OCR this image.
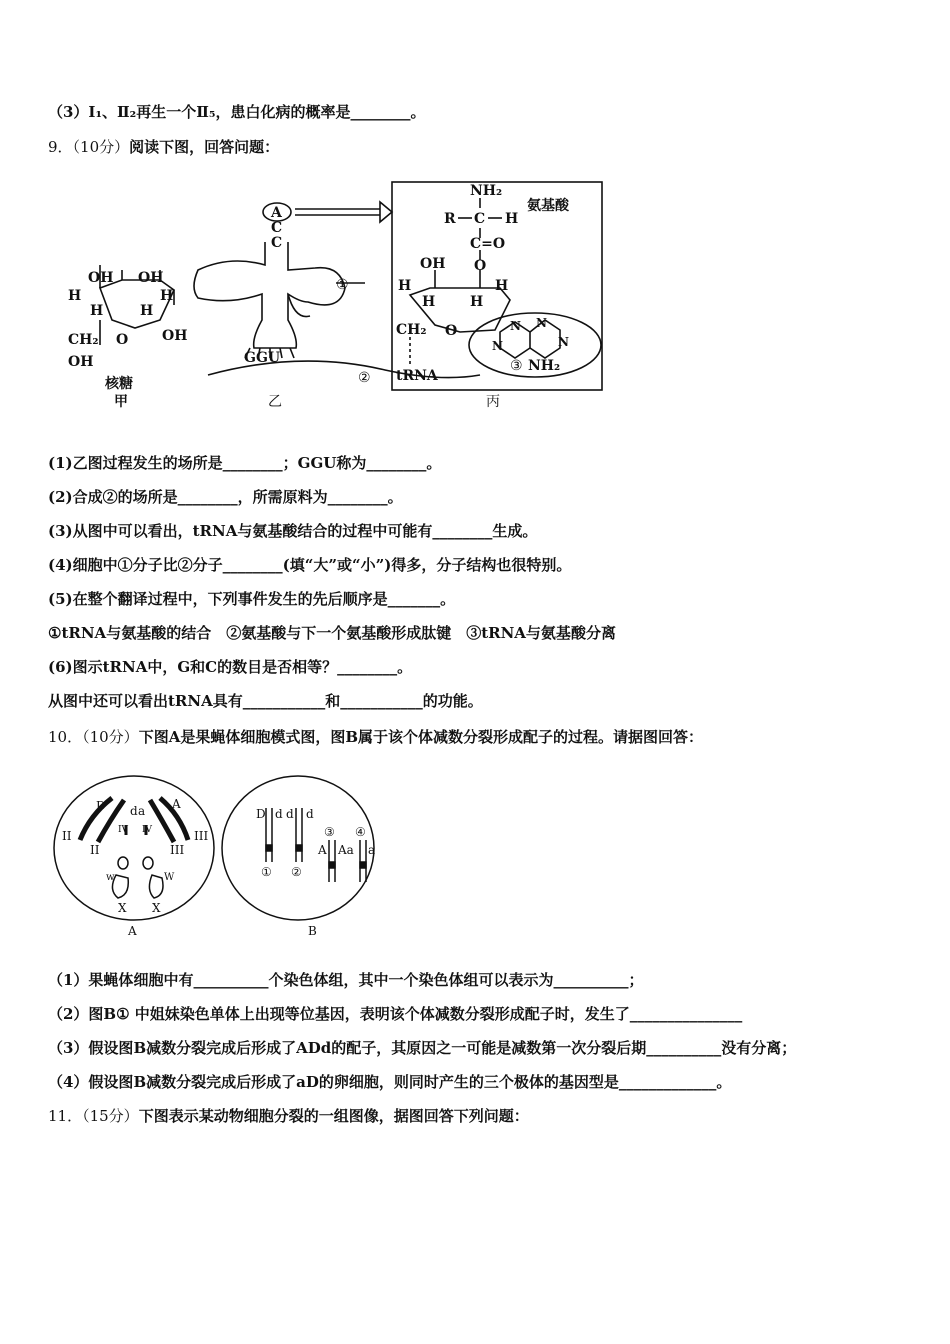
（3）Ⅰ₁、Ⅱ₂再生一个Ⅱ₅，患白化病的概率是________。
9．（10分）阅读下图，回答问题：
OH OH
H
H	H
H
O OH
CH₂
OH
核糖
甲
A
C
C
GGU
①
②
乙
NH₂
R C H
氨基酸
C=O
O
OH
H
H H
H
CH₂ O	N N
N	N
③ NH₂
tRNA
丙
(1)乙图过程发生的场所是________；GGU称为________。
(2)合成②的场所是________，所需原料为________。
(3)从图中可以看出，tRNA与氨基酸结合的过程中可能有________生成。
(4)细胞中①分子比②分子________(填“大”或“小”)得多，分子结构也很特别。
(5)在整个翻译过程中，下列事件发生的先后顺序是_______。
①tRNA与氨基酸的结合　②氨基酸与下一个氨基酸形成肽键　③tRNA与氨基酸分离
(6)图示tRNA中，G和C的数目是否相等？________。
从图中还可以看出tRNA具有___________和___________的功能。
10．（10分）下图A是果蝇体细胞模式图，图B属于该个体减数分裂形成配子的过程。请据图回答：
D d a A
II
II
III
III
IV IV
w	W
X X
A
D d d d
③ ④
A Aa a
① ②
B
（1）果蝇体细胞中有__________个染色体组，其中一个染色体组可以表示为__________；
（2）图B① 中姐妹染色单体上出现等位基因，表明该个体减数分裂形成配子时，发生了_______________
（3）假设图B减数分裂完成后形成了ADd的配子，其原因之一可能是减数第一次分裂后期__________没有分离；
（4）假设图B减数分裂完成后形成了aD的卵细胞，则同时产生的三个极体的基因型是_____________。
11．（15分）下图表示某动物细胞分裂的一组图像，据图回答下列问题：
